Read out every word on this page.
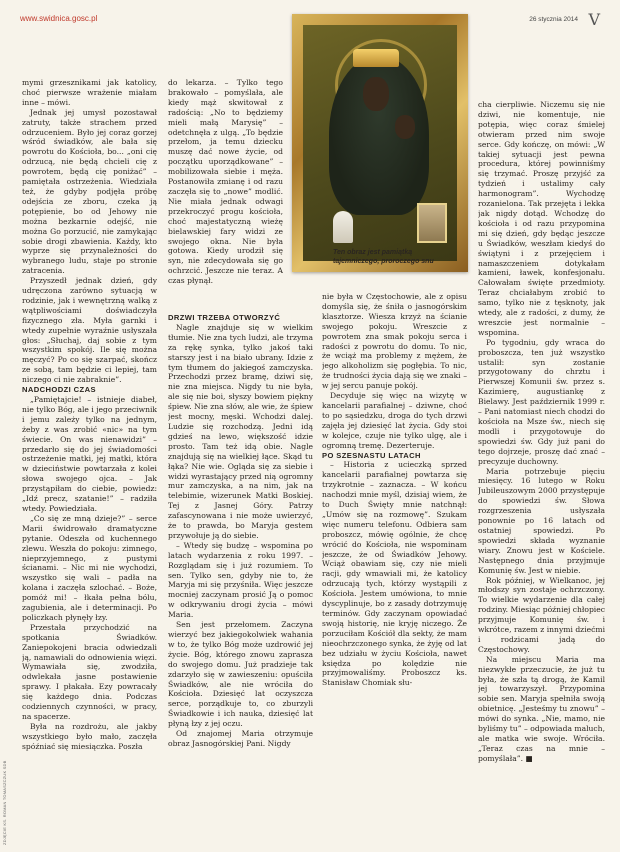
www.swidnica.gosc.pl	26 stycznia 2014 V
ZDJĘCIE KS. ROMAN TOMASZCZUK SDB
Ten obraz jest pamiątką tajemniczego, proroczego snu

mymi grzesznikami jak katolicy, choć pierwsze wrażenie miałam inne – mówi.

Jednak jej umysł pozostawał zatruty, także strachem przed odrzuceniem. Było jej coraz gorzej wśród świadków, ale bała się powrotu do Kościoła, bo... „oni cię odrzucą, nie będą chcieli cię z powrotem, będą cię poniżać” – pamiętała ostrzeżenia. Wiedziała też, że gdyby podjęła próbę odejścia ze zboru, czeka ją potępienie, bo od Jehowy nie można bezkarnie odejść, nie można Go porzucić, nie zamykając sobie drogi zbawienia. Każdy, kto wyprze się przynależności do wybranego ludu, staje po stronie zatracenia.

Przyszedł jednak dzień, gdy udręczona zarówno sytuacją w rodzinie, jak i wewnętrzną walką z wątpliwościami doświadczyła fizycznego zła. Myła garnki i wtedy zupełnie wyraźnie usłyszała głos: „Słuchaj, daj sobie z tym wszystkim spokój. Ile się można męczyć? Po co się szarpać, skończ ze sobą, tam będzie ci lepiej, tam niczego ci nie zabraknie”.

NADCHODZI CZAS

„Pamiętajcie! – istnieje diabeł, nie tylko Bóg, ale i jego przeciwnik i jemu zależy tylko na jednym, żeby z was zrobić «nic» na tym świecie. On was nienawidzi” – przedarło się do jej świadomości ostrzeżenie matki, jej matki, która w dzieciństwie powtarzała z kolei słowa swojego ojca. – Jak przystąpiłam do ciebie, powiedz: „Idź precz, szatanie!” – radziła wtedy. Powiedziała.

„Co się ze mną dzieje?” – serce Marii świdrowało dramatyczne pytanie. Odeszła od kuchennego zlewu. Weszła do pokoju: zimnego, nieprzyjemnego, z pustymi ścianami. – Nic mi nie wychodzi, wszystko się wali – padła na kolana i zaczęła szlochać. – Boże, pomóż mi! – łkała pełna bólu, zagubienia, ale i determinacji. Po policzkach płynęły łzy.

Przestała przychodzić na spotkania Świadków. Zaniepokojeni bracia odwiedzali ją, namawiali do odnowienia więzi. Wymawiała się, zwodziła, odwlekała jasne postawienie sprawy. I płakała. Ezy powracały się każdego dnia. Podczas codziennych czynności, w pracy, na spacerze.

Była na rozdrożu, ale jakby wszystkiego było mało, zaczęła spóźniać się miesiączka. Poszła

do lekarza. – Tylko tego brakowało – pomyślała, ale kiedy mąż skwitował z radością: „No to będziemy mieli małą Marysię” – odetchnęła z ulgą. „To będzie przełom, ja temu dziecku muszę dać nowe życie, od początku uporządkowane” – mobilizowała siebie i męża. Postanowiła zmianę i od razu zaczęła się to „nowe” modlić. Nie miała jednak odwagi przekroczyć progu kościoła, choć majestatyczną wieżę bielawskiej fary widzi ze swojego okna. Nie była gotowa. Kiedy urodził się syn, nie zdecydowała się go ochrzcić. Jeszcze nie teraz. A czas płynął.

DRZWI TRZEBA OTWORZYĆ

Nagle znajduje się w wielkim tłumie. Nie zna tych ludzi, ale trzyma za rękę synka, tylko jakoś taki starszy jest i na biało ubrany. Idzie z tym tłumem do jakiegoś zamczyska. Przechodzi przez bramę, dziwi się, nie zna miejsca. Nigdy tu nie była, ale się nie boi, słyszy bowiem piękny śpiew. Nie zna słów, ale wie, że śpiew jest mocny, męski. Wchodzi dalej. Ludzie się rozchodzą. Jedni idą gdzieś na lewo, większość idzie prosto. Tam też idą obie. Nagle znajdują się na wielkiej łące. Skąd tu łąka? Nie wie. Ogląda się za siebie i widzi wyrastający przed nią ogromny mur zamczyska, a na nim, jak na telebimie, wizerunek Matki Boskiej. Tej z Jasnej Góry. Patrzy zafascynowana i nie może uwierzyć, że to prawda, bo Maryja gestem przywołuje ją do siebie.

– Wtedy się budzę – wspomina po latach wydarzenia z roku 1997. – Rozglądam się i już rozumiem. To sen. Tylko sen, gdyby nie to, że Maryja mi się przyśniła. Więc jeszcze mocniej zaczynam prosić Ją o pomoc w odkrywaniu drogi życia – mówi Maria.

Sen jest przełomem. Zaczyna wierzyć bez jakiegokolwiek wahania w to, że tylko Bóg może uzdrowić jej życie. Bóg, którego znowu zaprasza do swojego domu. Już pradzieje tak zdarzyło się w zawieszeniu: opuściła Świadków, ale nie wróciła do Kościoła. Dziesięć lat oczyszcza serce, porządkuje to, co zburzyli Świadkowie i ich nauka, dziesięć lat płyną łzy z jej oczu.

Od znajomej Maria otrzymuje obraz Jasnogórskiej Pani. Nigdy

nie była w Częstochowie, ale z opisu domyśla się, że śniła o jasnogórskim klasztorze. Wiesza krzyż na ścianie swojego pokoju. Wreszcie z powrotem zna smak pokoju serca i radości z powrotu do domu. To nic, że wciąż ma problemy z mężem, że jego alkoholizm się pogłębia. To nic, że trudności życia dają się we znaki – w jej sercu panuje pokój.

Decyduje się więc na wizytę w kancelarii parafialnej – dziwne, choć to po sąsiedzku, droga do tych drzwi zajęła jej dziesięć lat życia. Gdy stoi w kolejce, czuje nie tylko ulgę, ale i ogromną tremę. Dezerteruje.

PO SZESNASTU LATACH

– Historia z ucieczką sprzed kancelarii parafialnej powtarza się trzykrotnie – zaznacza. – W końcu nachodzi mnie myśl, dzisiaj wiem, że to Duch Święty mnie natchnął: „Umów się na rozmowę”. Szukam więc numeru telefonu. Odbiera sam proboszcz, mówię ogólnie, że chcę wrócić do Kościoła, nie wspominam jeszcze, że od Świadków Jehowy. Wciąż obawiam się, czy nie mieli racji, gdy wmawiali mi, że katolicy odrzucają tych, którzy wystąpili z Kościoła. Jestem umówiona, to mnie dyscyplinuje, bo z zasady dotrzymuję terminów. Gdy zaczynam opowiadać swoją historię, nie kryję niczego. Że porzuciłam Kościół dla sekty, że mam nieochrzczonego synka, że żyję od lat bez udziału w życiu Kościoła, nawet księdza po kolędzie nie przyjmowaliśmy. Proboszcz ks. Stanisław Chomiak słu-

cha cierpliwie. Niczemu się nie dziwi, nie komentuje, nie potępia, więc coraz śmielej otwieram przed nim swoje serce. Gdy kończę, on mówi: „W takiej sytuacji jest pewna procedura, której powinniśmy się trzymać. Proszę przyjść za tydzień i ustalimy cały harmonogram”. Wychodzę rozanielona. Tak przejęta i lekka jak nigdy dotąd. Wchodzę do kościoła i od razu przypomina mi się dzień, gdy będąc jeszcze u Świadków, weszłam kiedyś do świątyni i z przejęciem i namaszczeniem dotykałam kamieni, ławek, konfesjonału. Całowałam święte przedmioty. Teraz chciałabym zrobić to samo, tylko nie z tęsknoty, jak wtedy, ale z radości, z dumy, że wreszcie jest normalnie – wspomina.

Po tygodniu, gdy wraca do proboszcza, ten już wszystko ustalił: syn zostanie przygotowany do chrztu i Pierwszej Komunii św. przez s. Kazimierę, augustiankę z Bielawy. Jest październik 1999 r. – Pani natomiast niech chodzi do kościoła na Msze św., niech się modli i przygotowuje do spowiedzi św. Gdy już pani do tego dojrzeje, proszę dać znać – precyzuje duchowny.

Maria potrzebuje pięciu miesięcy. 16 lutego w Roku Jubileuszowym 2000 przystępuje do spowiedzi św. Słowa rozgrzeszenia usłyszała ponownie po 16 latach od ostatniej spowiedzi. Po spowiedzi składa wyznanie wiary. Znowu jest w Kościele. Następnego dnia przyjmuje Komunię św. Jest w niebie.

Rok później, w Wielkanoc, jej młodszy syn zostaje ochrzczony. To wielkie wydarzenie dla całej rodziny. Miesiąc później chłopiec przyjmuje Komunię św. i wkrótce, razem z innymi dziećmi i rodzicami jadą do Częstochowy.

Na miejscu Maria ma niezwykłe przeczucie, że już tu była, że szła tą drogą, że Kamil jej towarzyszył. Przypomina sobie sen. Maryja spełniła swoją obietnicę. „Jesteśmy tu znowu” – mówi do synka. „Nie, mamo, nie byliśmy tu” – odpowiada maluch, ale matka wie swoje. Wróciła. „Teraz czas na mnie – pomyślała”. ■
